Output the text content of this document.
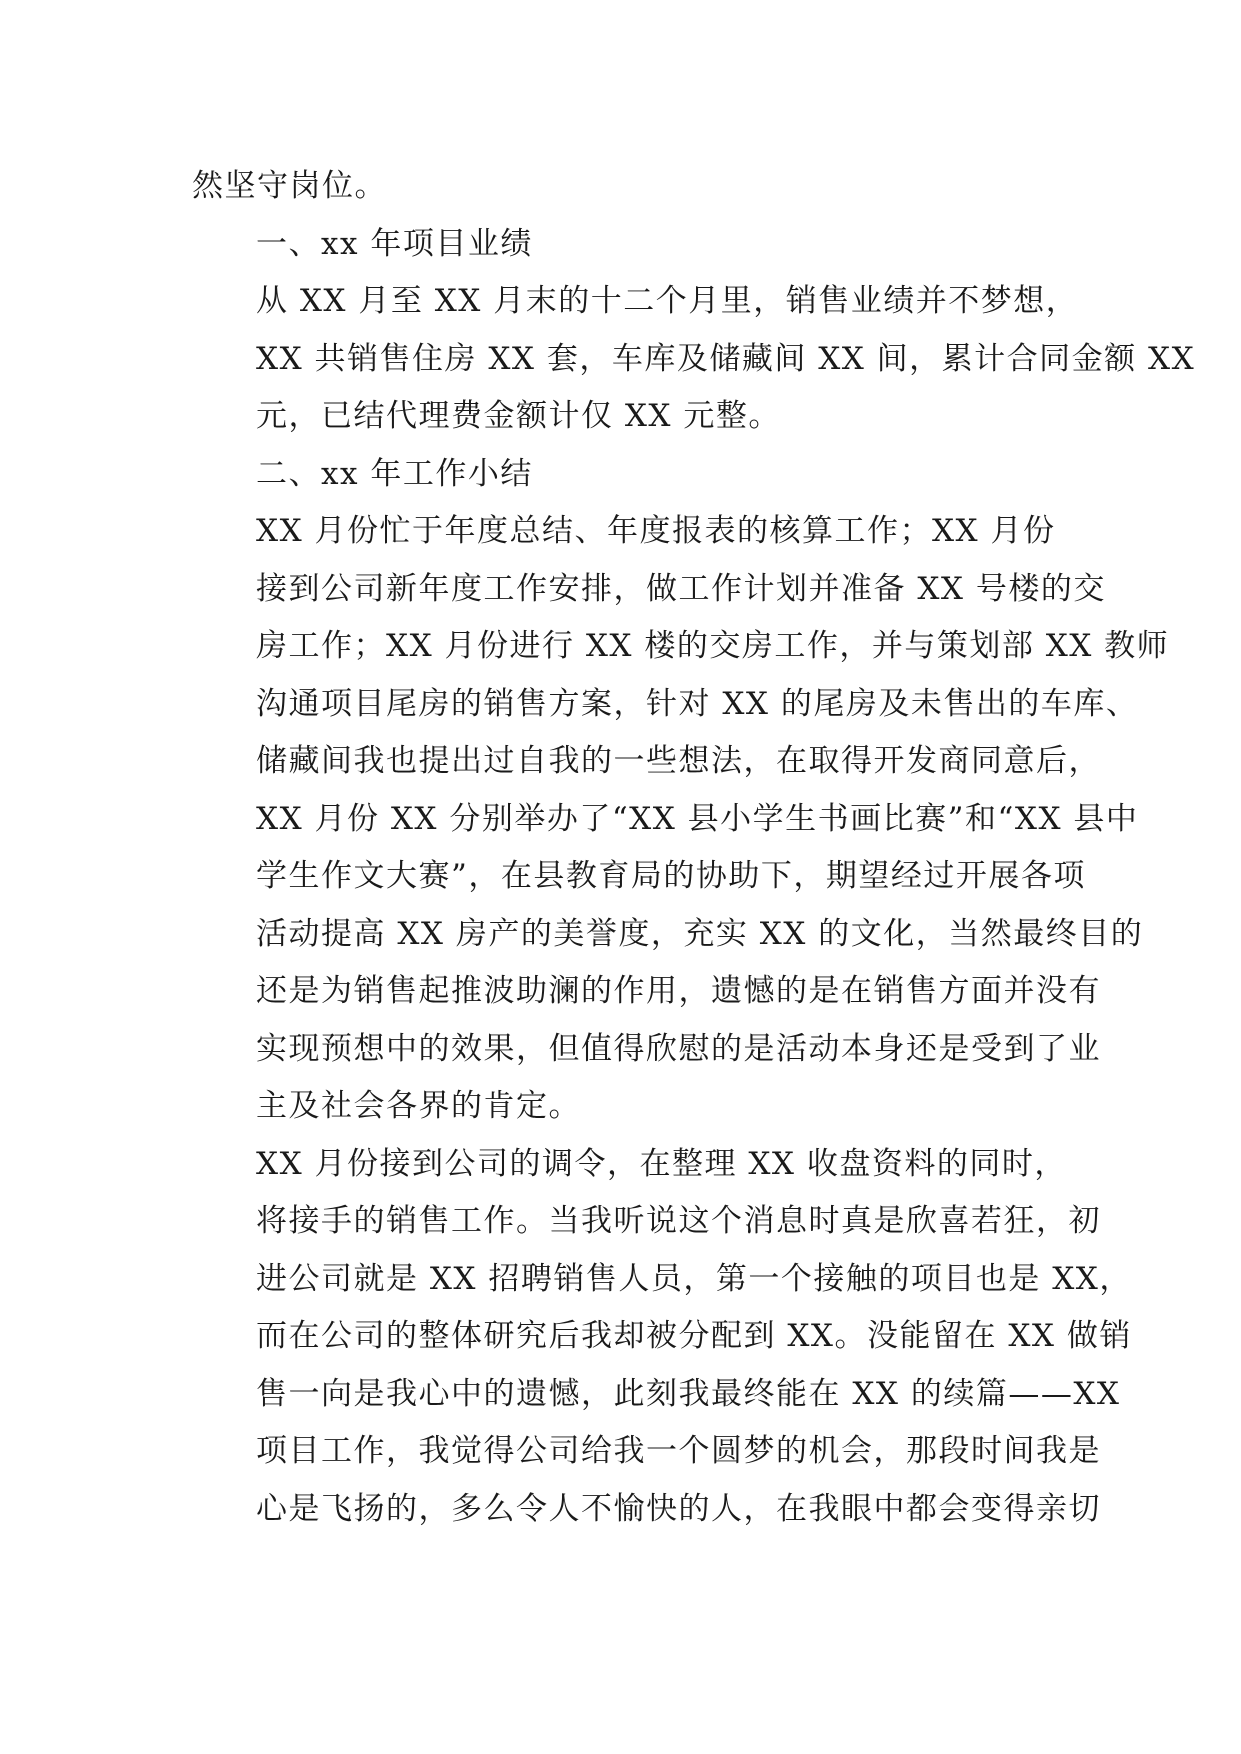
然坚守岗位。
一、xx 年项目业绩
从 XX 月至 XX 月末的十二个月里，销售业绩并不梦想，
XX 共销售住房 XX 套，车库及储藏间 XX 间，累计合同金额 XX
元，已结代理费金额计仅 XX 元整。
二、xx 年工作小结
XX 月份忙于年度总结、年度报表的核算工作；XX 月份
接到公司新年度工作安排，做工作计划并准备 XX 号楼的交
房工作；XX 月份进行 XX 楼的交房工作，并与策划部 XX 教师
沟通项目尾房的销售方案，针对 XX 的尾房及未售出的车库、
储藏间我也提出过自我的一些想法，在取得开发商同意后，
XX 月份 XX 分别举办了“XX 县小学生书画比赛”和“XX 县中
学生作文大赛”，在县教育局的协助下，期望经过开展各项
活动提高 XX 房产的美誉度，充实 XX 的文化，当然最终目的
还是为销售起推波助澜的作用，遗憾的是在销售方面并没有
实现预想中的效果，但值得欣慰的是活动本身还是受到了业
主及社会各界的肯定。
XX 月份接到公司的调令，在整理 XX 收盘资料的同时，
将接手的销售工作。当我听说这个消息时真是欣喜若狂，初
进公司就是 XX 招聘销售人员，第一个接触的项目也是 XX，
而在公司的整体研究后我却被分配到 XX。没能留在 XX 做销
售一向是我心中的遗憾，此刻我最终能在 XX 的续篇——XX
项目工作，我觉得公司给我一个圆梦的机会，那段时间我是
心是飞扬的，多么令人不愉快的人，在我眼中都会变得亲切
